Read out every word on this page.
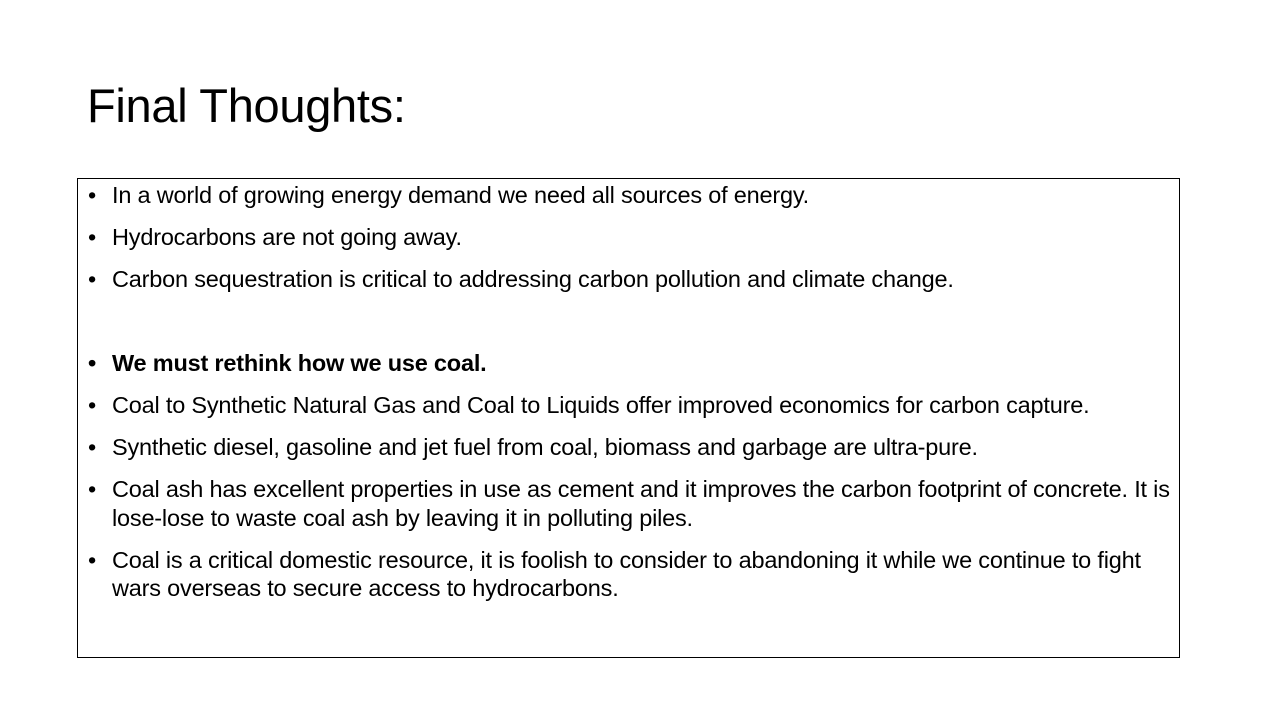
Final Thoughts:
• In a world of growing energy demand we need all sources of energy.
• Hydrocarbons are not going away.
• Carbon sequestration is critical to addressing carbon pollution and climate change.
• We must rethink how we use coal.
• Coal to Synthetic Natural Gas and Coal to Liquids offer improved economics for carbon capture.
• Synthetic diesel, gasoline and jet fuel from coal, biomass and garbage are ultra-pure.
• Coal ash has excellent properties in use as cement and it improves the carbon footprint of concrete. It is lose-lose to waste coal ash by leaving it in polluting piles.
• Coal is a critical domestic resource, it is foolish to consider to abandoning it while we continue to fight wars overseas to secure access to hydrocarbons.
